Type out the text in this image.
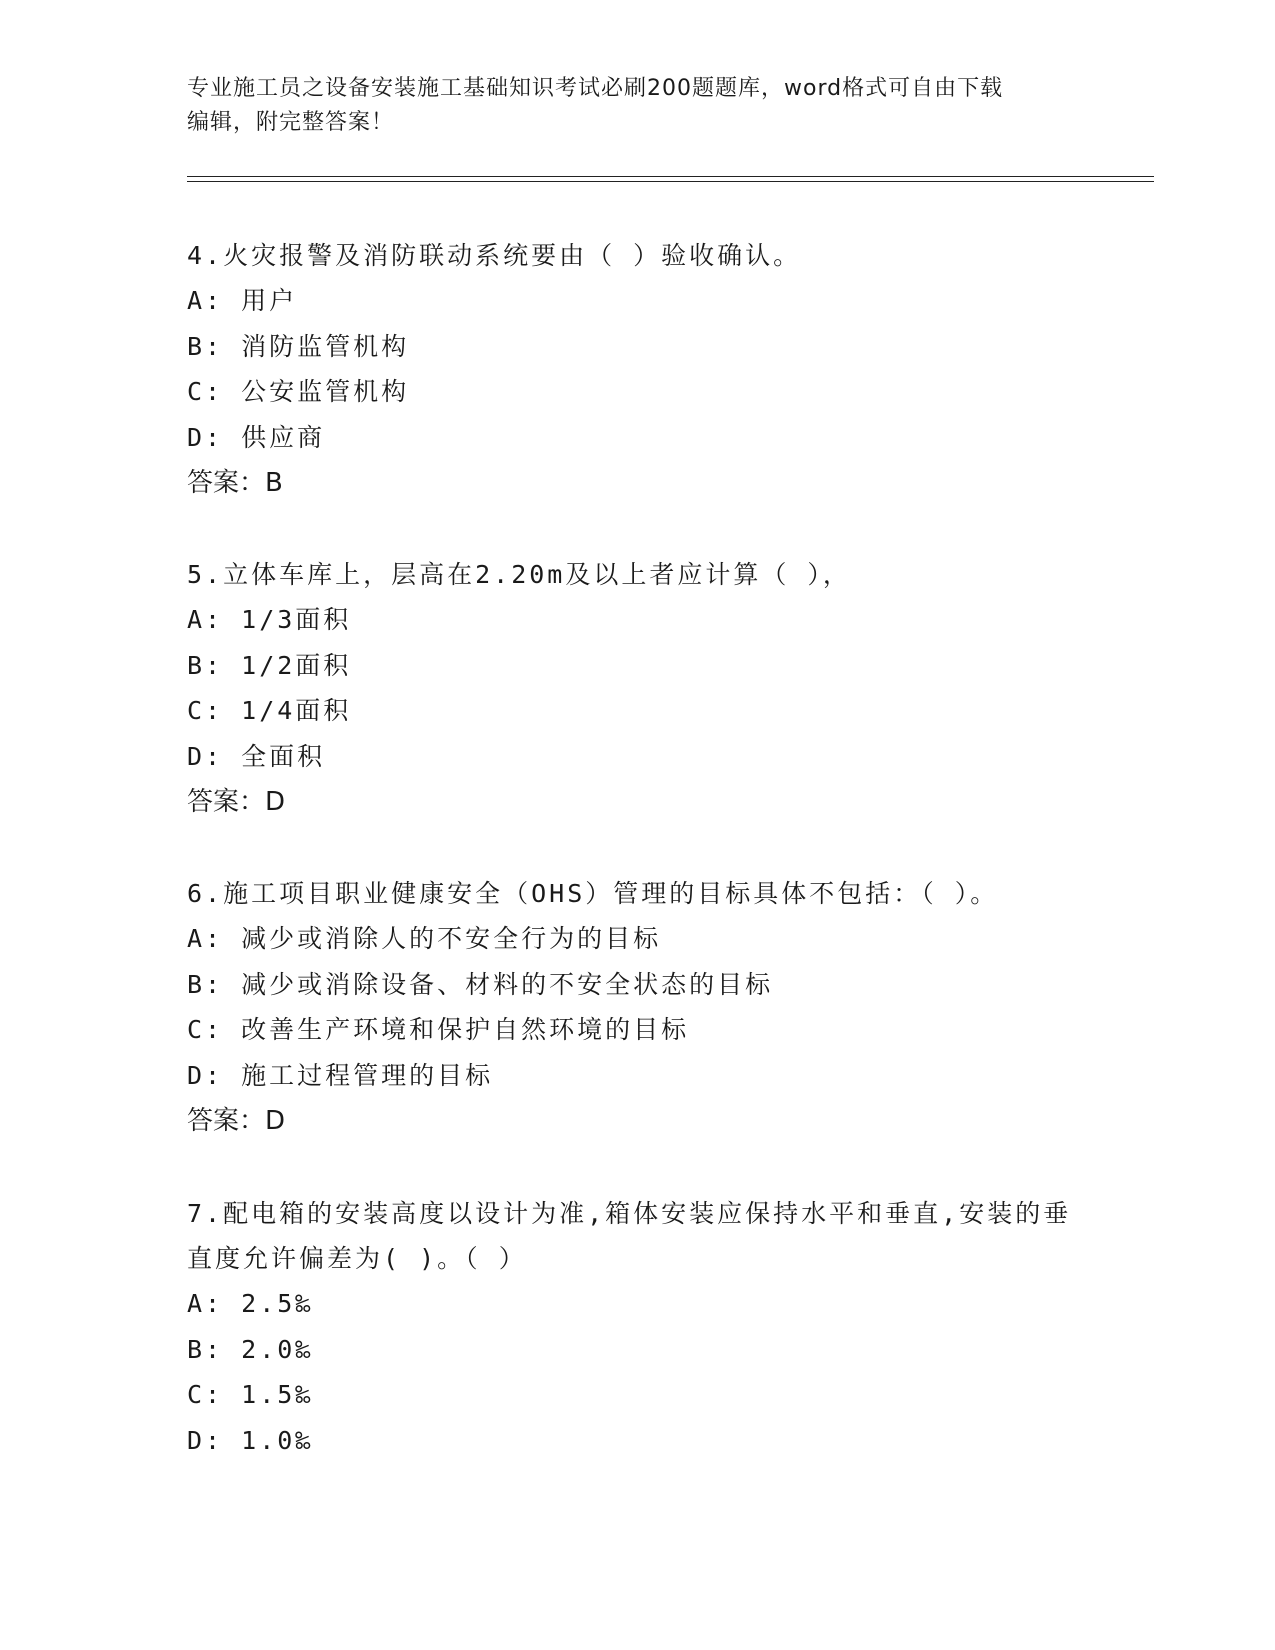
专业施工员之设备安装施工基础知识考试必刷200题题库，word格式可自由下载
编辑，附完整答案！
4.火灾报警及消防联动系统要由（ ）验收确认。
A: 用户
B: 消防监管机构
C: 公安监管机构
D: 供应商
答案：B
5.立体车库上，层高在2.20m及以上者应计算（ ），
A: 1/3面积
B: 1/2面积
C: 1/4面积
D: 全面积
答案：D
6.施工项目职业健康安全（OHS）管理的目标具体不包括：（ ）。
A: 减少或消除人的不安全行为的目标
B: 减少或消除设备、材料的不安全状态的目标
C: 改善生产环境和保护自然环境的目标
D: 施工过程管理的目标
答案：D
7.配电箱的安装高度以设计为准,箱体安装应保持水平和垂直,安装的垂直度允许偏差为( )。（ ）
A: 2.5‰
B: 2.0‰
C: 1.5‰
D: 1.0‰
